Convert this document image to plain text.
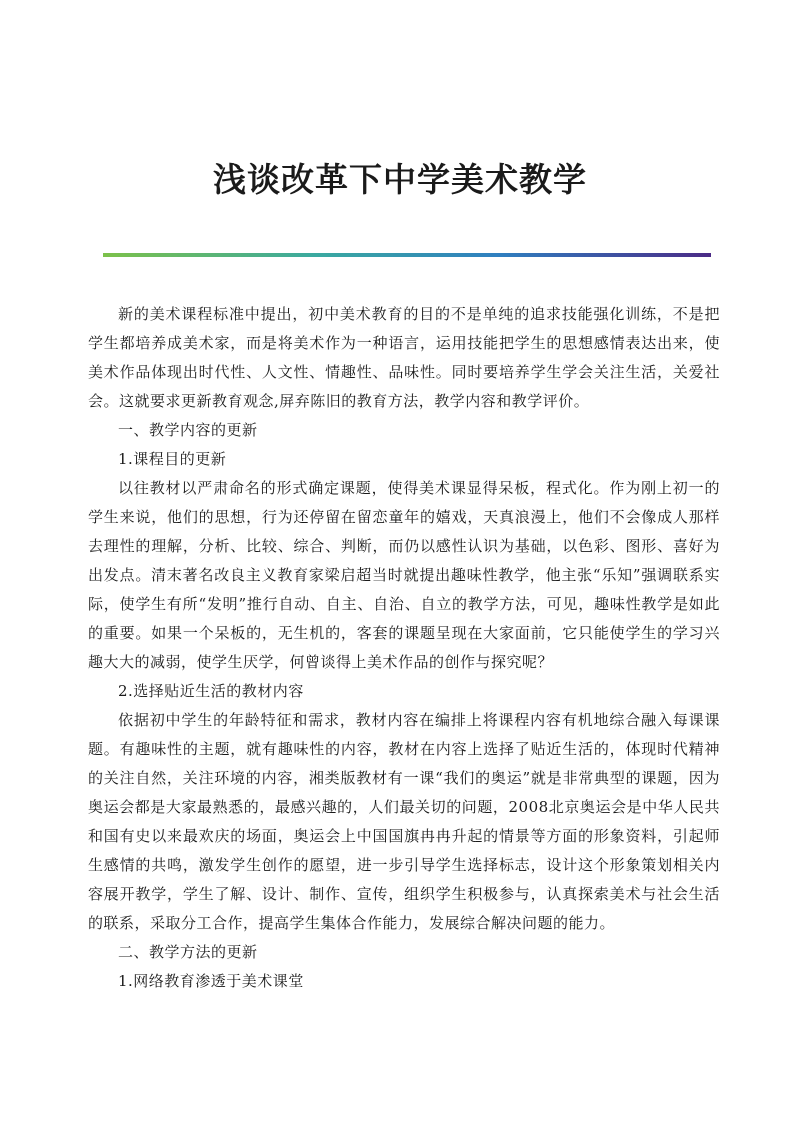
浅谈改革下中学美术教学

新的美术课程标准中提出，初中美术教育的目的不是单纯的追求技能强化训练，不是把学生都培养成美术家，而是将美术作为一种语言，运用技能把学生的思想感情表达出来，使美术作品体现出时代性、人文性、情趣性、品味性。同时要培养学生学会关注生活，关爱社会。这就要求更新教育观念,屏弃陈旧的教育方法，教学内容和教学评价。

一、教学内容的更新

1.课程目的更新

以往教材以严肃命名的形式确定课题，使得美术课显得呆板，程式化。作为刚上初一的学生来说，他们的思想，行为还停留在留恋童年的嬉戏，天真浪漫上，他们不会像成人那样去理性的理解，分析、比较、综合、判断，而仍以感性认识为基础，以色彩、图形、喜好为出发点。清末著名改良主义教育家梁启超当时就提出趣味性教学，他主张“乐知”强调联系实际，使学生有所“发明”推行自动、自主、自治、自立的教学方法，可见，趣味性教学是如此的重要。如果一个呆板的，无生机的，客套的课题呈现在大家面前，它只能使学生的学习兴趣大大的减弱，使学生厌学，何曾谈得上美术作品的创作与探究呢？

2.选择贴近生活的教材内容

依据初中学生的年龄特征和需求，教材内容在编排上将课程内容有机地综合融入每课课题。有趣味性的主题，就有趣味性的内容，教材在内容上选择了贴近生活的，体现时代精神的关注自然，关注环境的内容，湘类版教材有一课“我们的奥运”就是非常典型的课题，因为奥运会都是大家最熟悉的，最感兴趣的，人们最关切的问题，2008北京奥运会是中华人民共和国有史以来最欢庆的场面，奥运会上中国国旗冉冉升起的情景等方面的形象资料，引起师生感情的共鸣，激发学生创作的愿望，进一步引导学生选择标志，设计这个形象策划相关内容展开教学，学生了解、设计、制作、宣传，组织学生积极参与，认真探索美术与社会生活的联系，采取分工合作，提高学生集体合作能力，发展综合解决问题的能力。

二、教学方法的更新

1.网络教育渗透于美术课堂
